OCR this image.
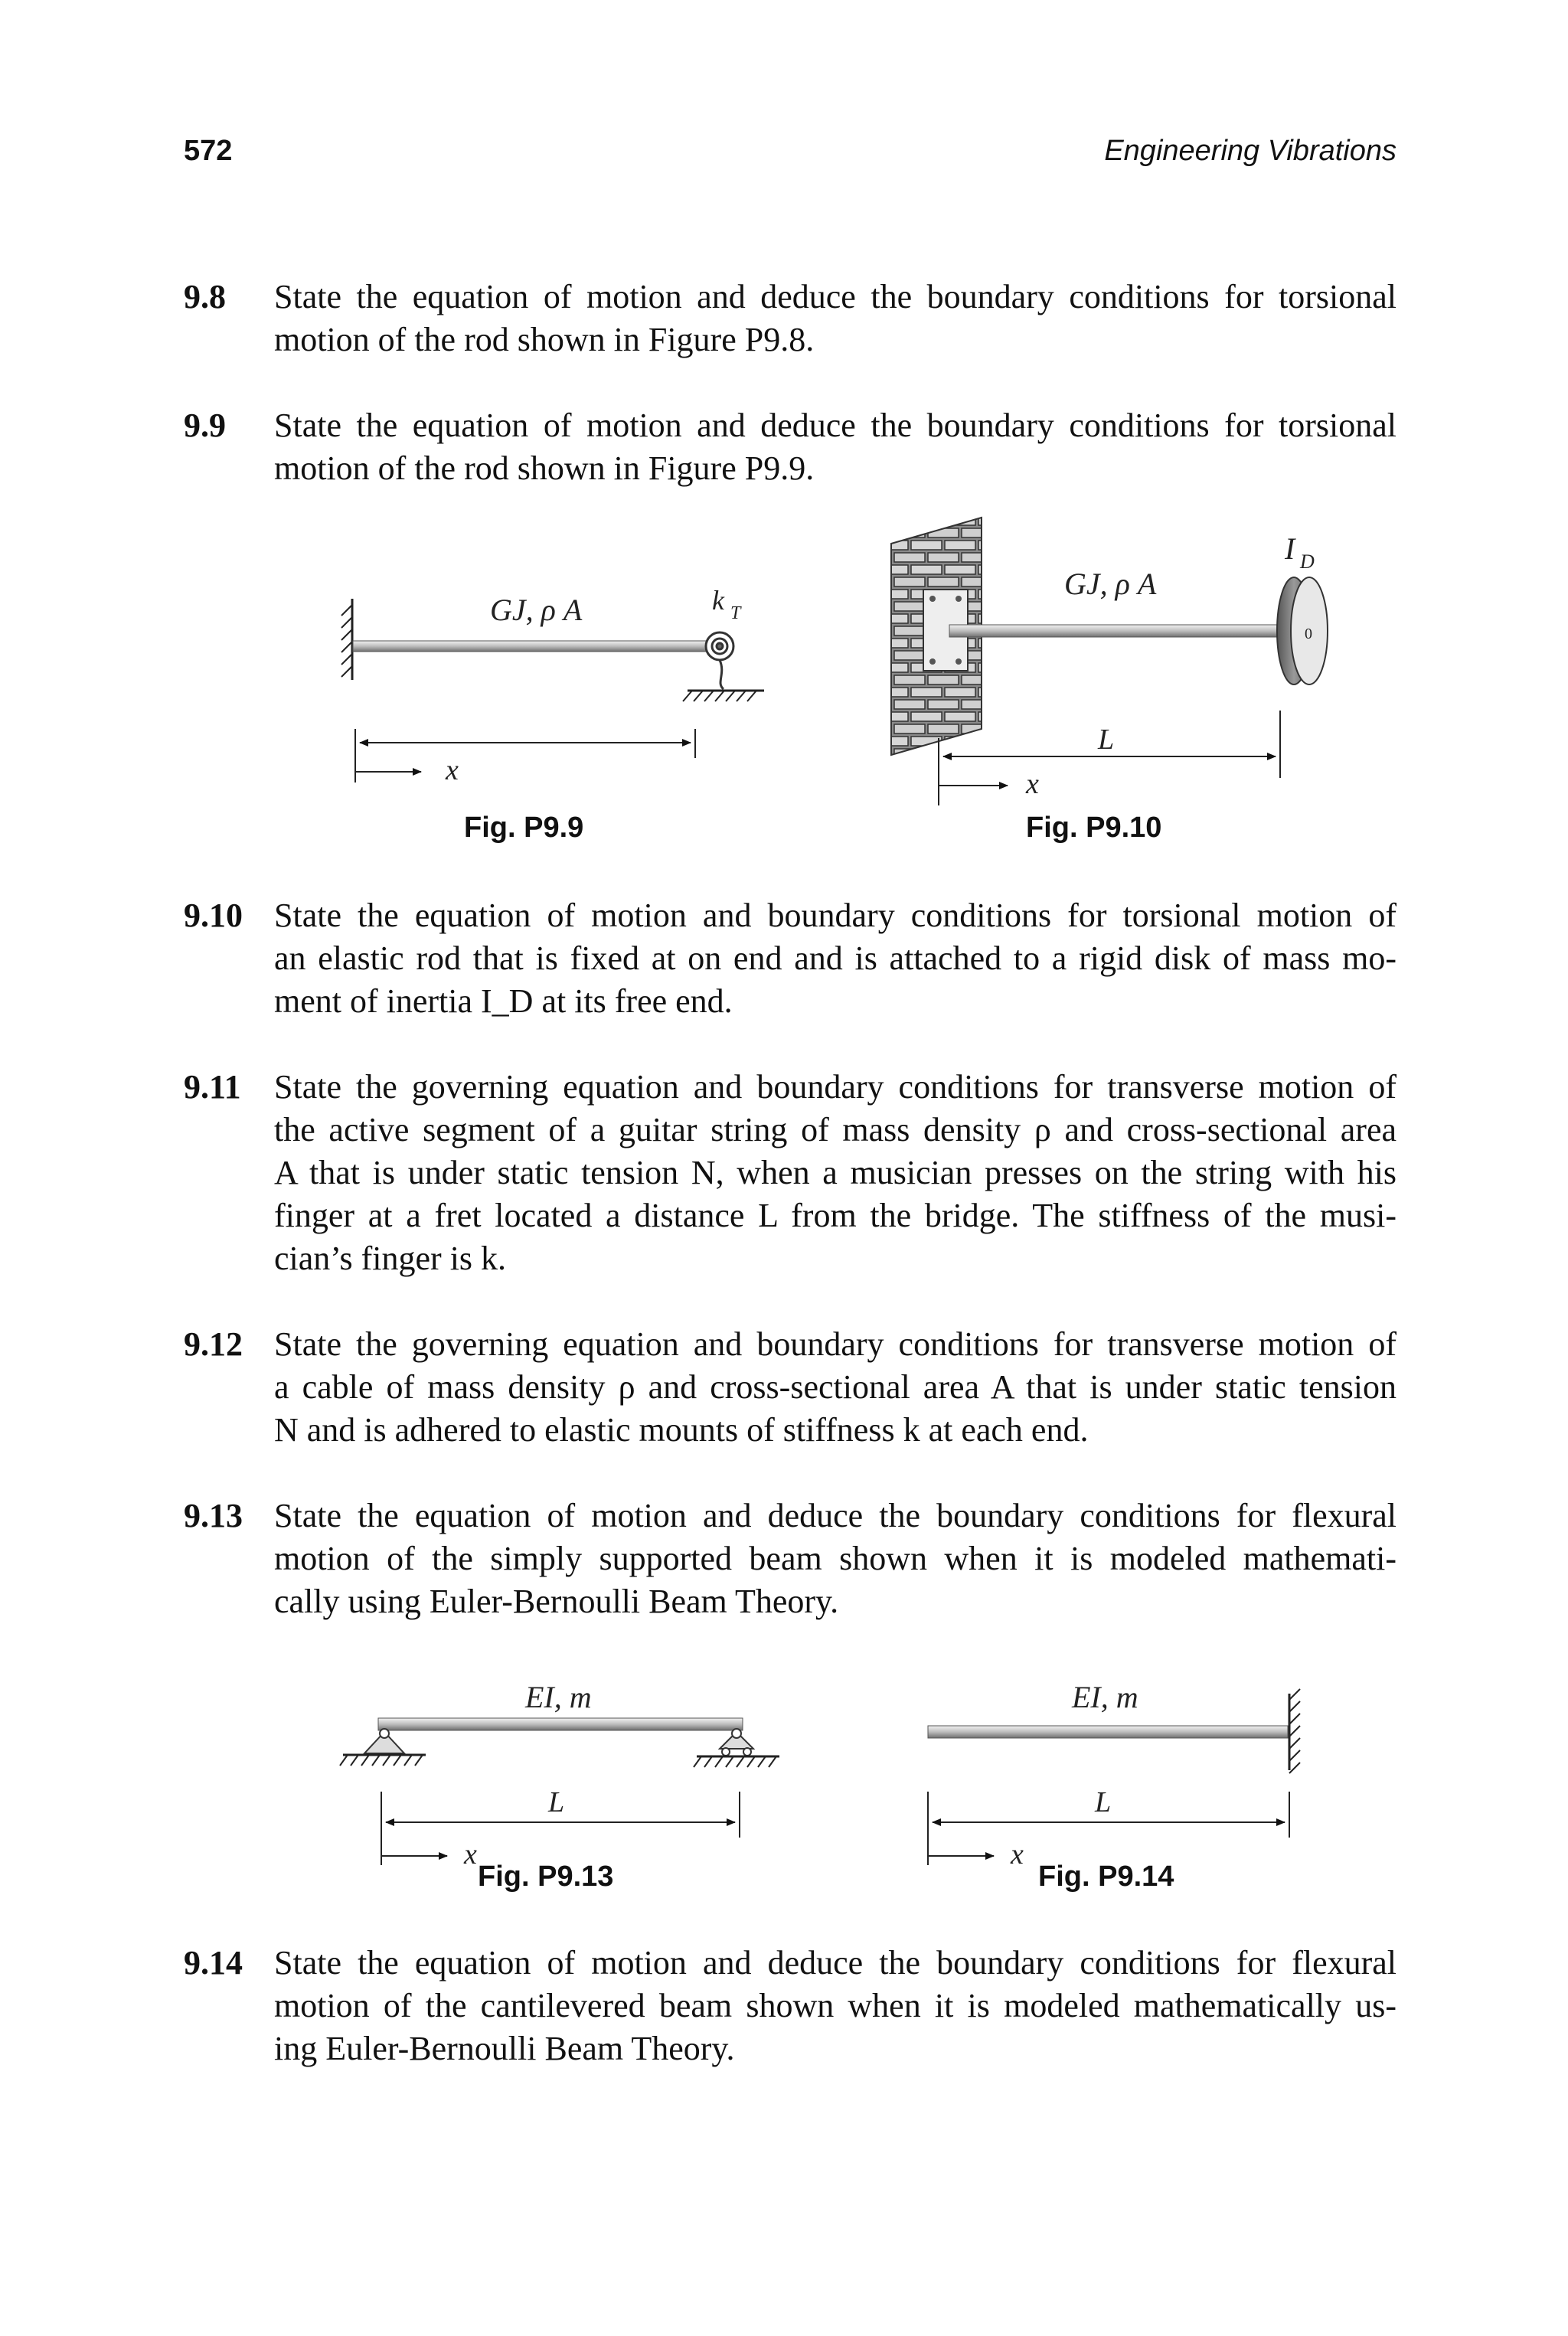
572	Engineering Vibrations
9.8 State the equation of motion and deduce the boundary conditions for torsional
motion of the rod shown in Figure P9.8.
9.9 State the equation of motion and deduce the boundary conditions for torsional
motion of the rod shown in Figure P9.9.
GJ, ρ A	k T
x
0
GJ, ρ A
I D
L
x
EI, m
L
x
EI, m
L
x
Fig. P9.9	Fig. P9.10
9.10 State the equation of motion and boundary conditions for torsional motion of
an elastic rod that is fixed at on end and is attached to a rigid disk of mass mo-
ment of inertia I_D at its free end.
9.11 State the governing equation and boundary conditions for transverse motion of
the active segment of a guitar string of mass density ρ and cross-sectional area
A that is under static tension N, when a musician presses on the string with his
finger at a fret located a distance L from the bridge. The stiffness of the musi-
cian’s finger is k.
9.12 State the governing equation and boundary conditions for transverse motion of
a cable of mass density ρ and cross-sectional area A that is under static tension
N and is adhered to elastic mounts of stiffness k at each end.
9.13 State the equation of motion and deduce the boundary conditions for flexural
motion of the simply supported beam shown when it is modeled mathemati-
cally using Euler-Bernoulli Beam Theory.
Fig. P9.13	Fig. P9.14
9.14 State the equation of motion and deduce the boundary conditions for flexural
motion of the cantilevered beam shown when it is modeled mathematically us-
ing Euler-Bernoulli Beam Theory.
